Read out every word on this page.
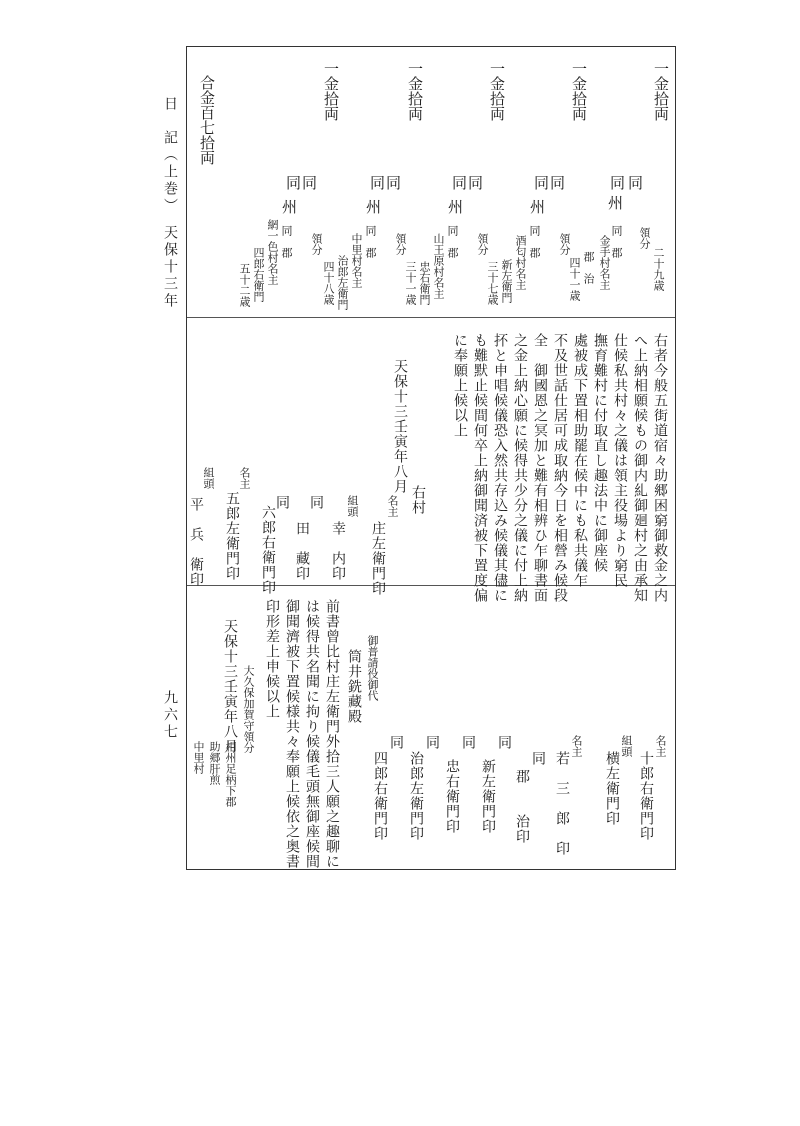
日　記（上巻）　天保十三年
九六七
一金拾両
一金拾両
一金拾両
一金拾両
一金拾両
合金百七拾両
二十九歳
領分
同
州
同　郡
金手村名主
同
郡　治
四十一歳
同
同
領分
州
同　郡
酒匂村名主
新左衛門
三十七歳
同
同
領分
州
同　郡
山王原村名主
忠右衛門
三十一歳
同
同
領分
州
同　郡
中里村名主
治郎左衛門
四十八歳
同
同
領分
州
同　郡
網一色村名主
四郎右衛門
五十二歳
右者今般五街道宿々助郷困窮御救金之内
へ上納相願候もの御内糺御廻村之由承知
仕候私共村々之儀は領主役場より窮民
撫育難村に付取直し趣法中に御座候
處被成下置相助罷在候中にも私共儀乍
不及世話仕居可成取納今日を相營み候段
全　御國恩之冥加と難有相辨ひ乍聊書面
之金上納心願に候得共少分之儀に付上納
抔と申唱候儀恐入然共存込み候儀其儘に
も難默止候間何卒上納御聞済被下置度偏
に奉願上候以上
天保十三壬寅年八月
右村
名主
庄左衛門印
組頭
幸　内印
同
田　藏印
同
六郎右衛門印
名主
五郎左衛門印
組頭
平　兵　衛印
名主
十郎右衛門印
組頭
横左衛門印
名主
若　三　郎　印
同
郡　　治印
同
新左衛門印
同
忠右衛門印
同
治郎左衛門印
同
四郎右衛門印
御普請役御代
筒井銑藏殿
前書曾比村庄左衛門外拾三人願之趣聊に
は候得共名聞に拘り候儀毛頭無御座候間
御聞濟被下置候様共々奉願上候依之奥書
印形差上申候以上
天保十三壬寅年八月 大久保加賀守領分
相州足柄下郡
助郷肝煎
中里村
